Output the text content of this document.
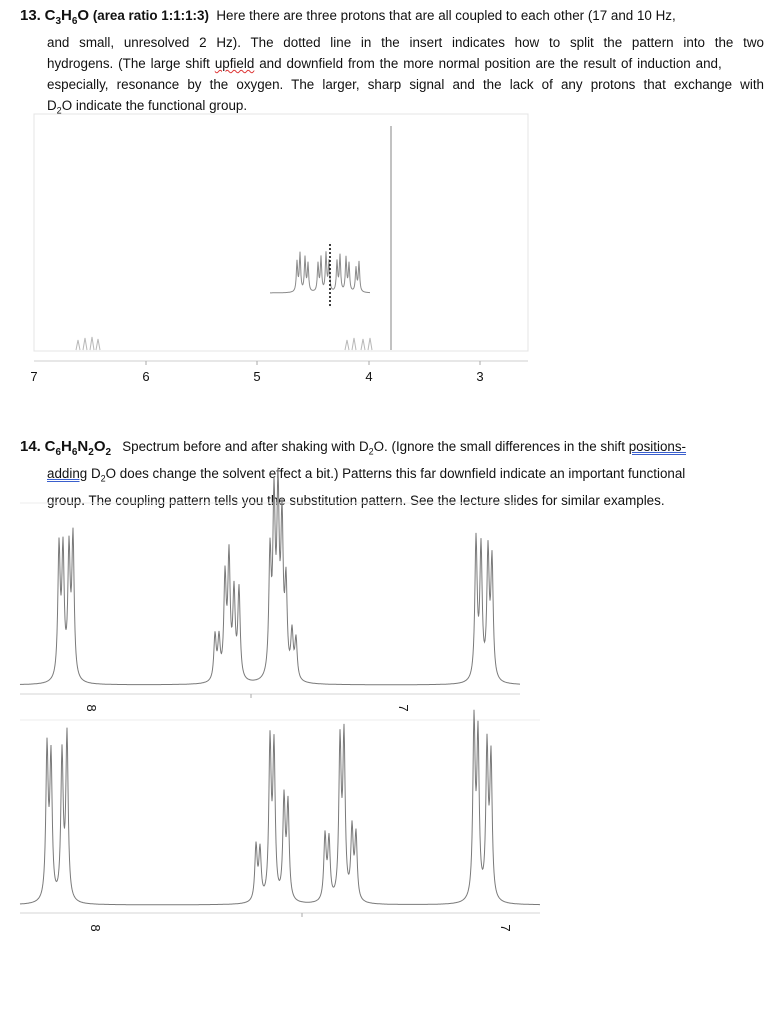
13. $C_3H_6O$ (area ratio 1:1:1:3) Here there are three protons that are all coupled to each other (17 and 10 Hz,
and small, unresolved 2 Hz). The dotted line in the insert indicates how to split the pattern into the two
hydrogens. (The large shift upfield and downfield from the more normal position are the result of induction and,
especially, resonance by the oxygen. The larger, sharp signal and the lack of any protons that exchange with
$D_2O$ indicate the functional group.
14. $C_6H_6N_2O_2$ Spectrum before and after shaking with $D_2O$. (Ignore the small differences in the shift positions-
adding $D_2O$ does change the solvent effect a bit.) Patterns this far downfield indicate an important functional
group. The coupling pattern tells you the substitution pattern. See the lecture slides for similar examples.
7	6	5	4	3
8	7
8	7
